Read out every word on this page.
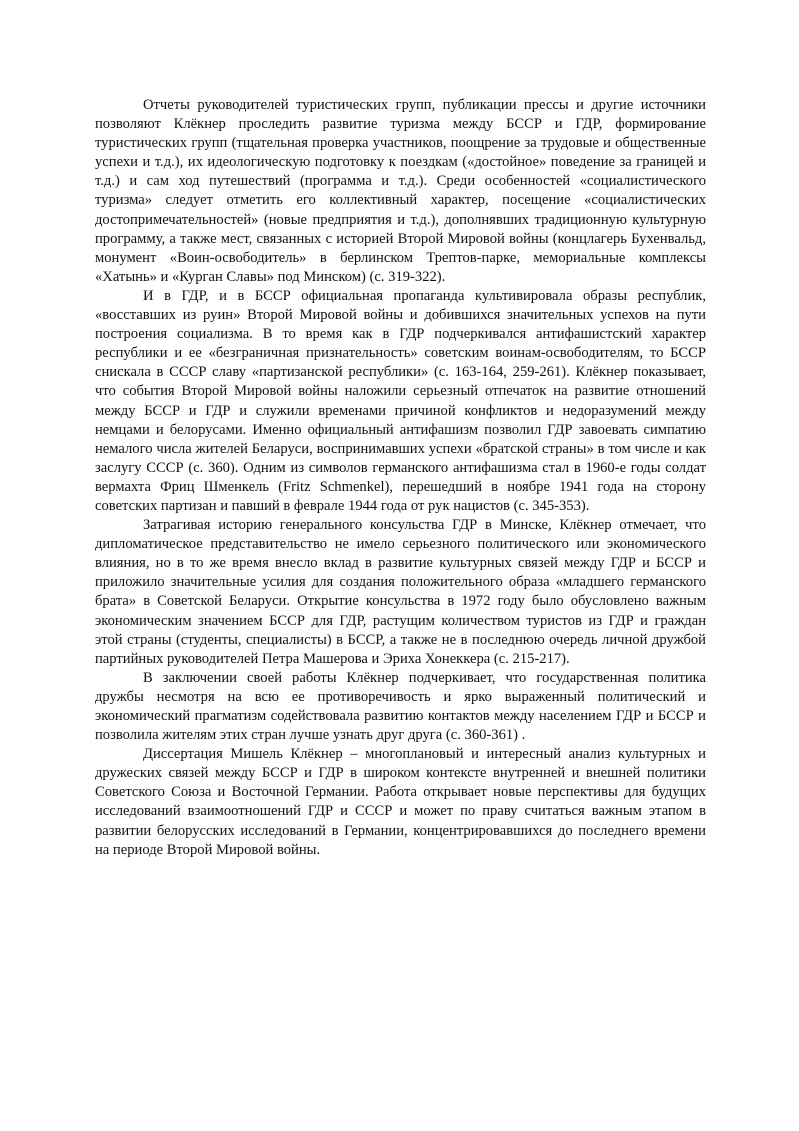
Отчеты руководителей туристических групп, публикации прессы и другие источники позволяют Клёкнер проследить развитие туризма между БССР и ГДР, формирование туристических групп (тщательная проверка участников, поощрение за трудовые и общественные успехи и т.д.), их идеологическую подготовку к поездкам («достойное» поведение за границей и т.д.) и сам ход путешествий (программа и т.д.). Среди особенностей «социалистического туризма» следует отметить его коллективный характер, посещение «социалистических достопримечательностей» (новые предприятия и т.д.), дополнявших традиционную культурную программу, а также мест, связанных с историей Второй Мировой войны (концлагерь Бухенвальд, монумент «Воин-освободитель» в берлинском Трептов-парке, мемориальные комплексы «Хатынь» и «Курган Славы» под Минском) (с. 319-322).

И в ГДР, и в БССР официальная пропаганда культивировала образы республик, «восставших из руин» Второй Мировой войны и добившихся значительных успехов на пути построения социализма. В то время как в ГДР подчеркивался антифашистский характер республики и ее «безграничная признательность» советским воинам-освободителям, то БССР снискала в СССР славу «партизанской республики» (с. 163-164, 259-261). Клёкнер показывает, что события Второй Мировой войны наложили серьезный отпечаток на развитие отношений между БССР и ГДР и служили временами причиной конфликтов и недоразумений между немцами и белорусами. Именно официальный антифашизм позволил ГДР завоевать симпатию немалого числа жителей Беларуси, воспринимавших успехи «братской страны» в том числе и как заслугу СССР (с. 360). Одним из символов германского антифашизма стал в 1960-е годы солдат вермахта Фриц Шменкель (Fritz Schmenkel), перешедший в ноябре 1941 года на сторону советских партизан и павший в феврале 1944 года от рук нацистов (с. 345-353).

Затрагивая историю генерального консульства ГДР в Минске, Клёкнер отмечает, что дипломатическое представительство не имело серьезного политического или экономического влияния, но в то же время внесло вклад в развитие культурных связей между ГДР и БССР и приложило значительные усилия для создания положительного образа «младшего германского брата» в Советской Беларуси. Открытие консульства в 1972 году было обусловлено важным экономическим значением БССР для ГДР, растущим количеством туристов из ГДР и граждан этой страны (студенты, специалисты) в БССР, а также не в последнюю очередь личной дружбой партийных руководителей Петра Машерова и Эриха Хонеккера (с. 215-217).

В заключении своей работы Клёкнер подчеркивает, что государственная политика дружбы несмотря на всю ее противоречивость и ярко выраженный политический и экономический прагматизм содействовала развитию контактов между населением ГДР и БССР и позволила жителям этих стран лучше узнать друг друга (с. 360-361) .

Диссертация Мишель Клёкнер – многоплановый и интересный анализ культурных и дружеских связей между БССР и ГДР в широком контексте внутренней и внешней политики Советского Союза и Восточной Германии. Работа открывает новые перспективы для будущих исследований взаимоотношений ГДР и СССР и может по праву считаться важным этапом в развитии белорусских исследований в Германии, концентрировавшихся до последнего времени на периоде Второй Мировой войны.
